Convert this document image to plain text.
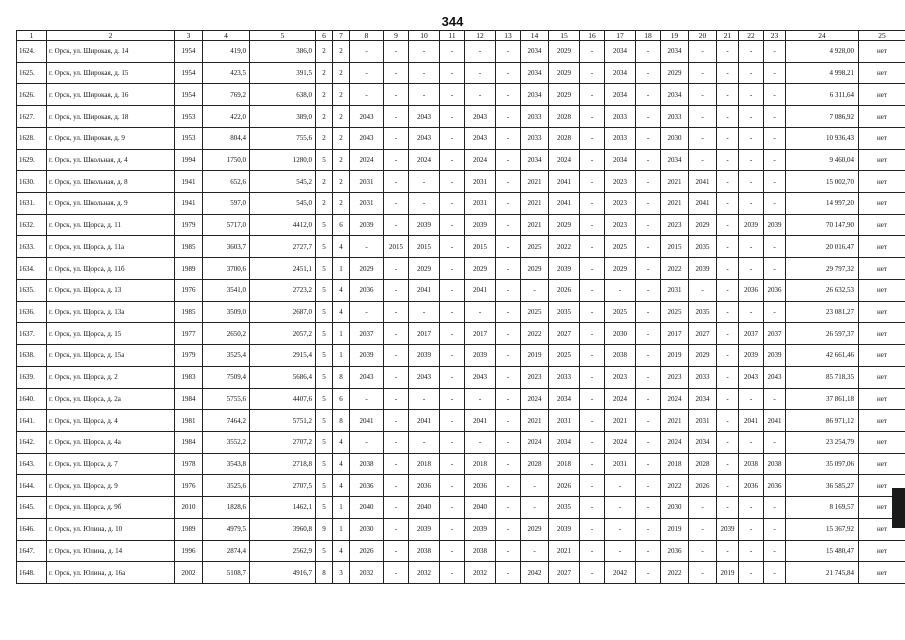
344
1	2	3	4	5	6	7	8	9	10	11	12	13	14	15	16	17	18	19	20	21	22	23	24	25
1624.	г. Орск, ул. Широкая, д. 14	1954	419,0	386,0	2	2	-	-	-	-	-	-	2034	2029	-	2034	-	2034	-	-	-	-	4 928,00	нет
1625.	г. Орск, ул. Широкая, д. 15	1954	423,5	391,5	2	2	-	-	-	-	-	-	2034	2029	-	2034	-	2029	-	-	-	-	4 998,21	нет
1626.	г. Орск, ул. Широкая, д. 16	1954	769,2	638,0	2	2	-	-	-	-	-	-	2034	2029	-	2034	-	2034	-	-	-	-	6 311,64	нет
1627.	г. Орск, ул. Широкая, д. 18	1953	422,0	389,0	2	2	2043	-	2043	-	2043	-	2033	2028	-	2033	-	2033	-	-	-	-	7 086,92	нет
1628.	г. Орск, ул. Широкая, д. 9	1953	804,4	755,6	2	2	2043	-	2043	-	2043	-	2033	2028	-	2033	-	2030	-	-	-	-	10 936,43	нет
1629.	г. Орск, ул. Школьная, д. 4	1994	1750,0	1280,0	5	2	2024	-	2024	-	2024	-	2034	2024	-	2034	-	2034	-	-	-	-	9 460,04	нет
1630.	г. Орск, ул. Школьная, д. 8	1941	652,6	545,2	2	2	2031	-	-	-	2031	-	2021	2041	-	2023	-	2021	2041	-	-	-	15 002,70	нет
1631.	г. Орск, ул. Школьная, д. 9	1941	597,0	545,0	2	2	2031	-	-	-	2031	-	2021	2041	-	2023	-	2021	2041	-	-	-	14 997,20	нет
1632.	г. Орск, ул. Щорса, д. 11	1979	5717,0	4412,0	5	6	2039	-	2039	-	2039	-	2021	2029	-	2023	-	2023	2029	-	2039	2039	70 147,90	нет
1633.	г. Орск, ул. Щорса, д. 11а	1985	3603,7	2727,7	5	4	-	2015	2015	-	2015	-	2025	2022	-	2025	-	2015	2035	-	-	-	20 016,47	нет
1634.	г. Орск, ул. Щорса, д. 11б	1989	3700,6	2451,1	5	1	2029	-	2029	-	2029	-	2029	2039	-	2029	-	2022	2039	-	-	-	29 797,32	нет
1635.	г. Орск, ул. Щорса, д. 13	1976	3541,0	2723,2	5	4	2036	-	2041	-	2041	-	-	2026	-	-	-	2031	-	-	2036	2036	26 632,53	нет
1636.	г. Орск, ул. Щорса, д. 13а	1985	3509,0	2687,0	5	4	-	-	-	-	-	-	2025	2035	-	2025	-	2025	2035	-	-	-	23 081,27	нет
1637.	г. Орск, ул. Щорса, д. 15	1977	2650,2	2057,2	5	1	2037	-	2017	-	2017	-	2022	2027	-	2030	-	2017	2027	-	2037	2037	26 597,37	нет
1638.	г. Орск, ул. Щорса, д. 15а	1979	3525,4	2915,4	5	1	2039	-	2039	-	2039	-	2019	2025	-	2038	-	2019	2029	-	2039	2039	42 661,46	нет
1639.	г. Орск, ул. Щорса, д. 2	1983	7509,4	5686,4	5	8	2043	-	2043	-	2043	-	2023	2033	-	2023	-	2023	2033	-	2043	2043	85 718,35	нет
1640.	г. Орск, ул. Щорса, д. 2а	1984	5755,6	4407,6	5	6	-	-	-	-	-	-	2024	2034	-	2024	-	2024	2034	-	-	-	37 861,18	нет
1641.	г. Орск, ул. Щорса, д. 4	1981	7464,2	5751,2	5	8	2041	-	2041	-	2041	-	2021	2031	-	2021	-	2021	2031	-	2041	2041	86 971,12	нет
1642.	г. Орск, ул. Щорса, д. 4а	1984	3552,2	2707,2	5	4	-	-	-	-	-	-	2024	2034	-	2024	-	2024	2034	-	-	-	23 254,79	нет
1643.	г. Орск, ул. Щорса, д. 7	1978	3543,8	2718,8	5	4	2038	-	2018	-	2018	-	2028	2018	-	2031	-	2018	2028	-	2038	2038	35 097,06	нет
1644.	г. Орск, ул. Щорса, д. 9	1976	3525,6	2707,5	5	4	2036	-	2036	-	2036	-	-	2026	-	-	-	2022	2026	-	2036	2036	36 585,27	нет
1645.	г. Орск, ул. Щорса, д. 9б	2010	1828,6	1462,1	5	1	2040	-	2040	-	2040	-	-	2035	-	-	-	2030	-	-	-	-	8 169,57	нет
1646.	г. Орск, ул. Юлина, д. 10	1989	4979,5	3960,8	9	1	2030	-	2039	-	2039	-	2029	2039	-	-	-	2019	-	2039	-	-	15 367,92	нет
1647.	г. Орск, ул. Юлина, д. 14	1996	2874,4	2562,9	5	4	2026	-	2038	-	2038	-	-	2021	-	-	-	2036	-	-	-	-	15 480,47	нет
1648.	г. Орск, ул. Юлина, д. 16а	2002	5108,7	4916,7	8	3	2032	-	2032	-	2032	-	2042	2027	-	2042	-	2022	-	2019	-	-	21 745,84	нет
